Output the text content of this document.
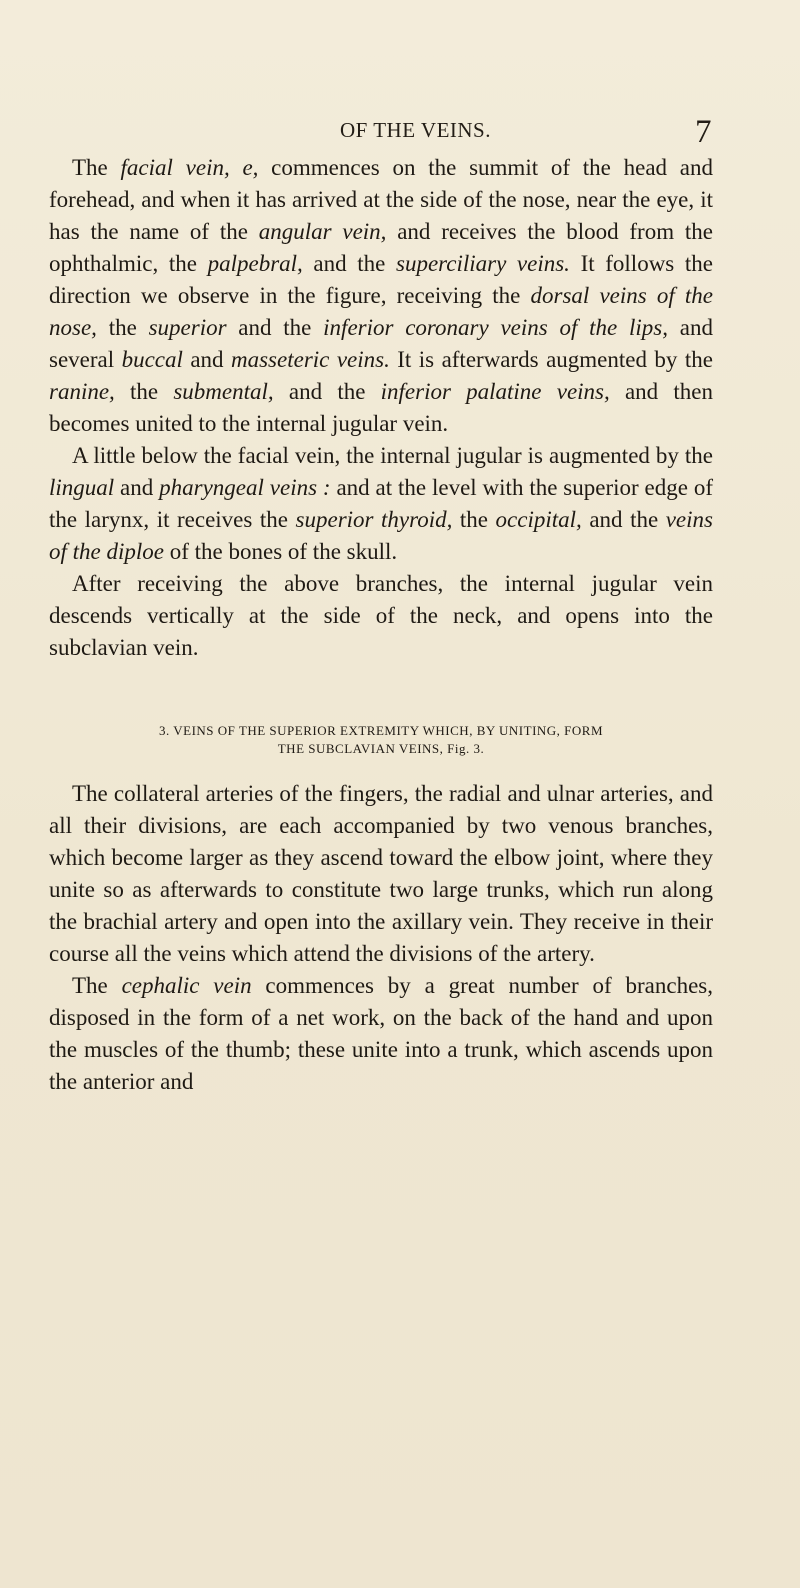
OF THE VEINS.	7

The facial vein, e, commences on the summit of the head and forehead, and when it has arrived at the side of the nose, near the eye, it has the name of the angular vein, and receives the blood from the ophthalmic, the palpebral, and the superciliary veins. It follows the direction we observe in the figure, receiving the dorsal veins of the nose, the superior and the inferior coronary veins of the lips, and several buccal and masseteric veins. It is afterwards augmented by the ranine, the submental, and the inferior palatine veins, and then becomes united to the internal jugular vein.

A little below the facial vein, the internal jugular is augmented by the lingual and pharyngeal veins : and at the level with the superior edge of the larynx, it receives the superior thyroid, the occipital, and the veins of the diploe of the bones of the skull.

After receiving the above branches, the internal jugular vein descends vertically at the side of the neck, and opens into the subclavian vein.

3. VEINS OF THE SUPERIOR EXTREMITY WHICH, BY UNITING, FORM
THE SUBCLAVIAN VEINS, Fig. 3.

The collateral arteries of the fingers, the radial and ulnar arteries, and all their divisions, are each accompanied by two venous branches, which become larger as they ascend toward the elbow joint, where they unite so as afterwards to constitute two large trunks, which run along the brachial artery and open into the axillary vein. They receive in their course all the veins which attend the divisions of the artery.

The cephalic vein commences by a great number of branches, disposed in the form of a net work, on the back of the hand and upon the muscles of the thumb; these unite into a trunk, which ascends upon the anterior and
